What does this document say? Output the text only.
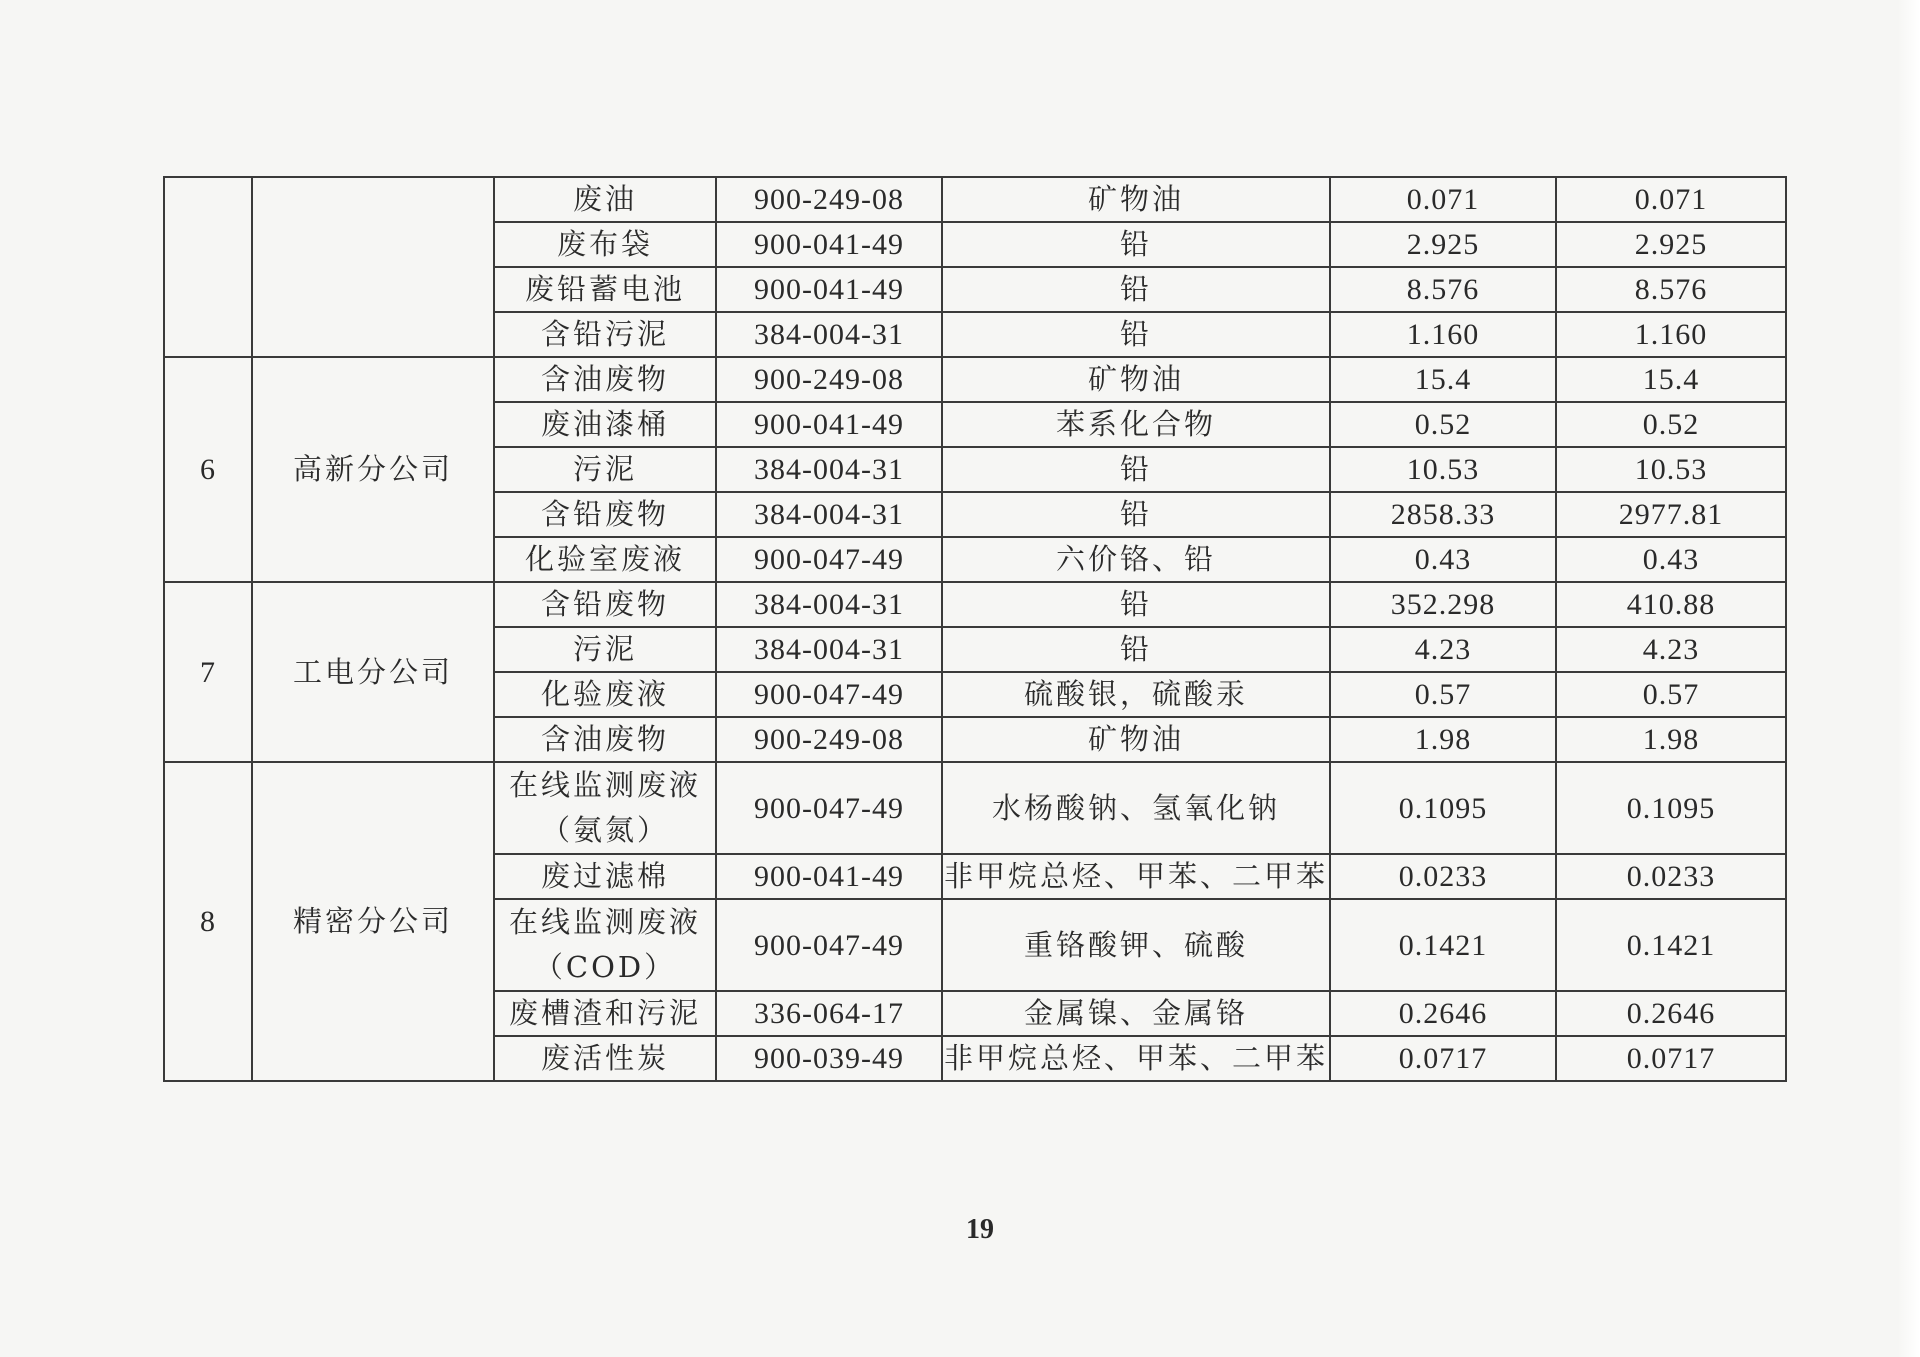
		废油	900-249-08	矿物油	0.071	0.071
		废布袋	900-041-49	铅	2.925	2.925
		废铅蓄电池	900-041-49	铅	8.576	8.576
		含铅污泥	384-004-31	铅	1.160	1.160
6	高新分公司	含油废物	900-249-08	矿物油	15.4	15.4
		废油漆桶	900-041-49	苯系化合物	0.52	0.52
		污泥	384-004-31	铅	10.53	10.53
		含铅废物	384-004-31	铅	2858.33	2977.81
		化验室废液	900-047-49	六价铬、铅	0.43	0.43
7	工电分公司	含铅废物	384-004-31	铅	352.298	410.88
		污泥	384-004-31	铅	4.23	4.23
		化验废液	900-047-49	硫酸银，硫酸汞	0.57	0.57
		含油废物	900-249-08	矿物油	1.98	1.98
8	精密分公司	在线监测废液（氨氮）	900-047-49	水杨酸钠、氢氧化钠	0.1095	0.1095
		废过滤棉	900-041-49	非甲烷总烃、甲苯、二甲苯	0.0233	0.0233
		在线监测废液（COD）	900-047-49	重铬酸钾、硫酸	0.1421	0.1421
		废槽渣和污泥	336-064-17	金属镍、金属铬	0.2646	0.2646
		废活性炭	900-039-49	非甲烷总烃、甲苯、二甲苯	0.0717	0.0717
19
